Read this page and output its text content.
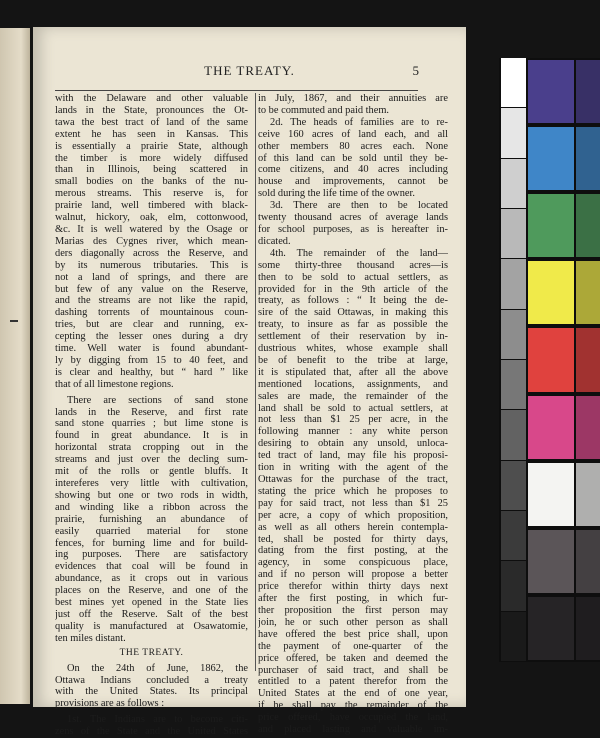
THE TREATY.	5
with the Delaware and other valuable
lands in the State, pronounces the Ot-
tawa the best tract of land of the same
extent he has seen in Kansas. This
is essentially a prairie State, although
the timber is more widely diffused
than in Illinois, being scattered in
small bodies on the banks of the nu-
merous streams. This reserve is, for
prairie land, well timbered with black-
walnut, hickory, oak, elm, cottonwood,
&c. It is well watered by the Osage or
Marias des Cygnes river, which mean-
ders diagonally across the Reserve, and
by its numerous tributaries. This is
not a land of springs, and there are
but few of any value on the Reserve,
and the streams are not like the rapid,
dashing torrents of mountainous coun-
tries, but are clear and running, ex-
cepting the lesser ones during a dry
time. Well water is found abundant-
ly by digging from 15 to 40 feet, and
is clear and healthy, but “ hard ” like
that of all limestone regions.
There are sections of sand stone
lands in the Reserve, and first rate
sand stone quarries ; but lime stone is
found in great abundance. It is in
horizontal strata cropping out in the
streams and just over the decling sum-
mit of the rolls or gentle bluffs. It
intereferes very little with cultivation,
showing but one or two rods in width,
and winding like a ribbon across the
prairie, furnishing an abundance of
easily quarried material for stone
fences, for burning lime and for build-
ing purposes. There are satisfactory
evidences that coal will be found in
abundance, as it crops out in various
places on the Reserve, and one of the
best mines yet opened in the State lies
just off the Reserve. Salt of the best
quality is manufactured at Osawatomie,
ten miles distant.
THE TREATY.
On the 24th of June, 1862, the
Ottawa Indians concluded a treaty
with the United States. Its principal
provisions are as follows :
1st. The Indians are to become citi-
zens of the State and the United States
in July, 1867, and their annuities are
to be commuted and paid them.
2d. The heads of families are to re-
ceive 160 acres of land each, and all
other members 80 acres each. None
of this land can be sold until they be-
come citizens, and 40 acres including
house and improvements, cannot be
sold during the life time of the owner.
3d. There are then to be located
twenty thousand acres of average lands
for school purposes, as is hereafter in-
dicated.
4th. The remainder of the land—
some thirty-three thousand acres—is
then to be sold to actual settlers, as
provided for in the 9th article of the
treaty, as follows : “ It being the de-
sire of the said Ottawas, in making this
treaty, to insure as far as possible the
settlement of their reservation by in-
dustrious whites, whose example shall
be of benefit to the tribe at large,
it is stipulated that, after all the above
mentioned locations, assignments, and
sales are made, the remainder of the
land shall be sold to actual settlers, at
not less than $1 25 per acre, in the
following manner : any white person
desiring to obtain any unsold, unloca-
ted tract of land, may file his proposi-
tion in writing with the agent of the
Ottawas for the purchase of the tract,
stating the price which he proposes to
pay for said tract, not less than $1 25
per acre, a copy of which proposition,
as well as all others herein contempla-
ted, shall be posted for thirty days,
dating from the first posting, at the
agency, in some conspicuous place,
and if no person will propose a better
price therefor within thirty days next
after the first posting, in which fur-
ther proposition the first person may
join, he or such other person as shall
have offered the best price shall, upon
the payment of one-quarter of the
price offered, be taken and deemed the
purchaser of said tract, and shall be
entitled to a patent therefor from the
United States at the end of one year,
if he shall pay the remainder of the
price offered, have occupied the land,
and placed lasting and valuable im-
